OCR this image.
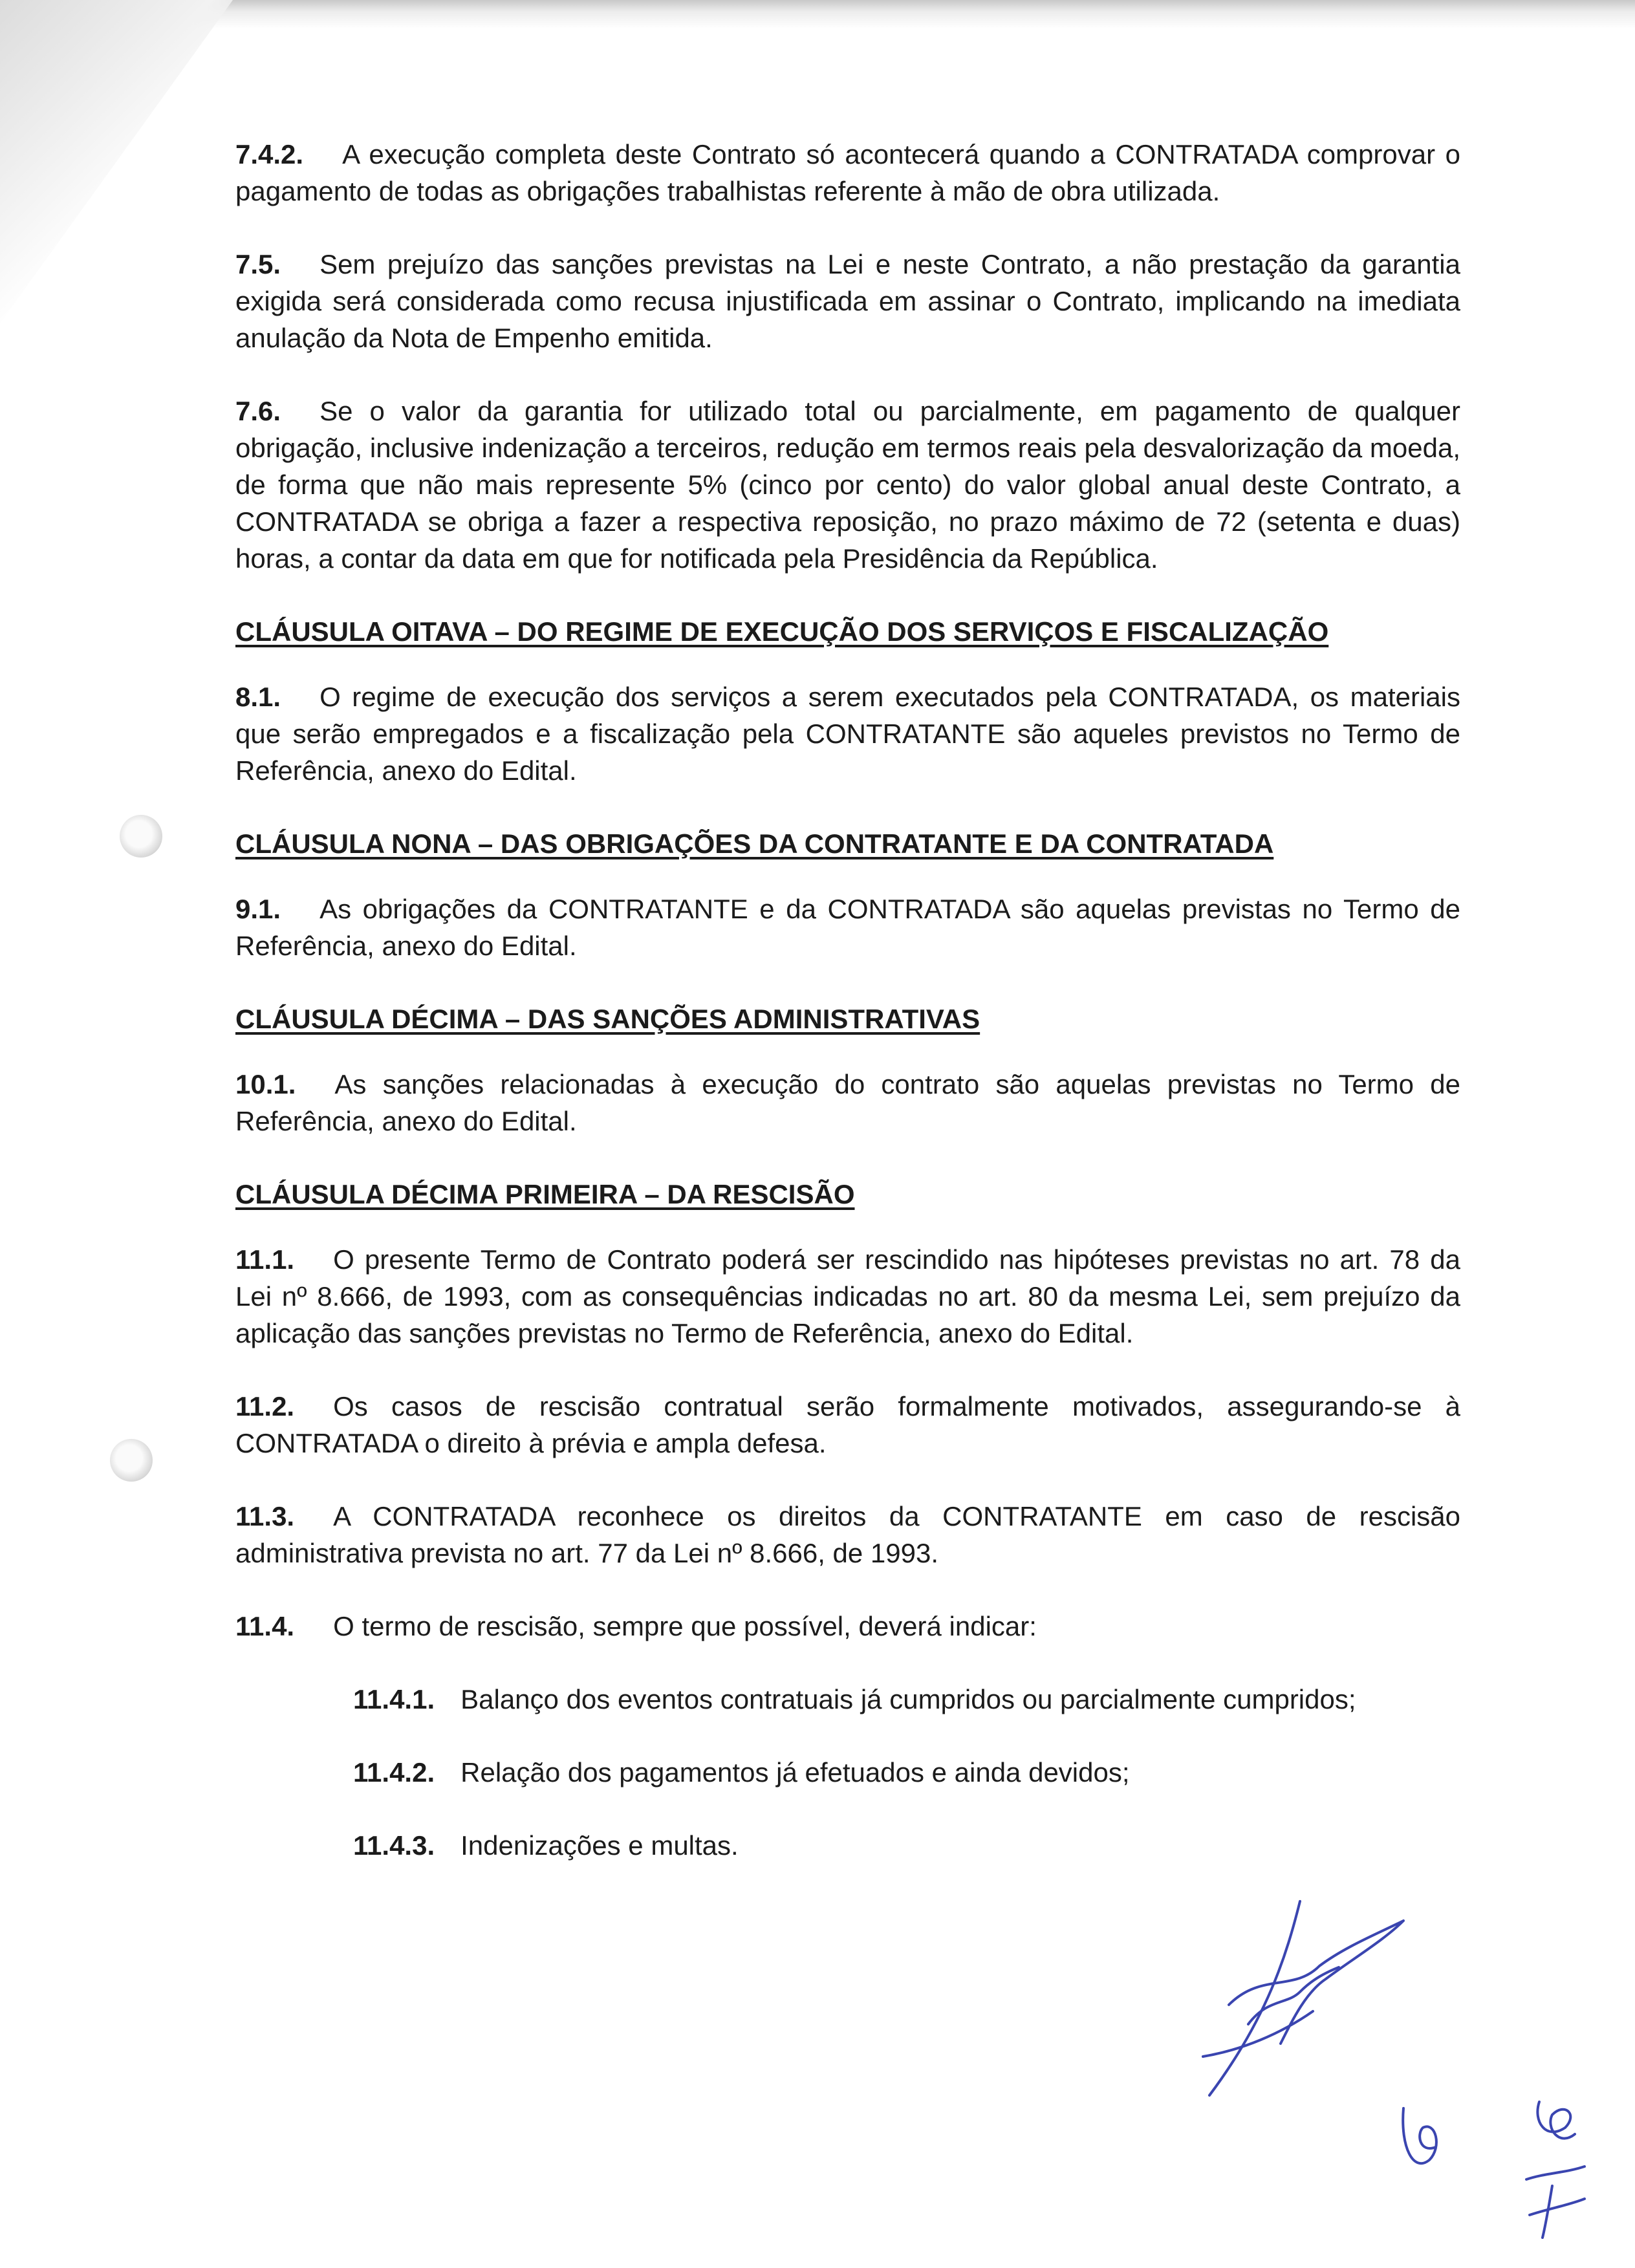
7.4.2. A execução completa deste Contrato só acontecerá quando a CONTRATADA comprovar o pagamento de todas as obrigações trabalhistas referente à mão de obra utilizada.

7.5. Sem prejuízo das sanções previstas na Lei e neste Contrato, a não prestação da garantia exigida será considerada como recusa injustificada em assinar o Contrato, implicando na imediata anulação da Nota de Empenho emitida.

7.6. Se o valor da garantia for utilizado total ou parcialmente, em pagamento de qualquer obrigação, inclusive indenização a terceiros, redução em termos reais pela desvalorização da moeda, de forma que não mais represente 5% (cinco por cento) do valor global anual deste Contrato, a CONTRATADA se obriga a fazer a respectiva reposição, no prazo máximo de 72 (setenta e duas) horas, a contar da data em que for notificada pela Presidência da República.

CLÁUSULA OITAVA – DO REGIME DE EXECUÇÃO DOS SERVIÇOS E FISCALIZAÇÃO

8.1. O regime de execução dos serviços a serem executados pela CONTRATADA, os materiais que serão empregados e a fiscalização pela CONTRATANTE são aqueles previstos no Termo de Referência, anexo do Edital.

CLÁUSULA NONA – DAS OBRIGAÇÕES DA CONTRATANTE E DA CONTRATADA

9.1. As obrigações da CONTRATANTE e da CONTRATADA são aquelas previstas no Termo de Referência, anexo do Edital.

CLÁUSULA DÉCIMA – DAS SANÇÕES ADMINISTRATIVAS

10.1. As sanções relacionadas à execução do contrato são aquelas previstas no Termo de Referência, anexo do Edital.

CLÁUSULA DÉCIMA PRIMEIRA – DA RESCISÃO

11.1. O presente Termo de Contrato poderá ser rescindido nas hipóteses previstas no art. 78 da Lei nº 8.666, de 1993, com as consequências indicadas no art. 80 da mesma Lei, sem prejuízo da aplicação das sanções previstas no Termo de Referência, anexo do Edital.

11.2. Os casos de rescisão contratual serão formalmente motivados, assegurando-se à CONTRATADA o direito à prévia e ampla defesa.

11.3. A CONTRATADA reconhece os direitos da CONTRATANTE em caso de rescisão administrativa prevista no art. 77 da Lei nº 8.666, de 1993.

11.4. O termo de rescisão, sempre que possível, deverá indicar:

11.4.1. Balanço dos eventos contratuais já cumpridos ou parcialmente cumpridos;

11.4.2. Relação dos pagamentos já efetuados e ainda devidos;

11.4.3. Indenizações e multas.
